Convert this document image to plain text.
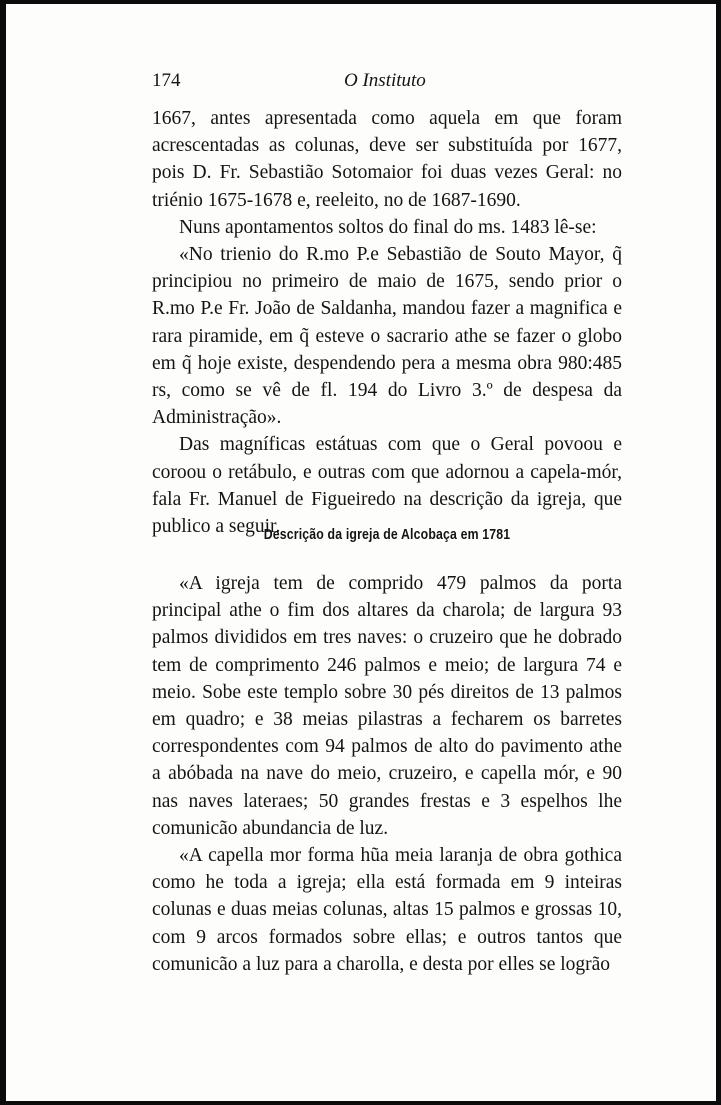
174	O Instituto

1667, antes apresentada como aquela em que foram acrescentadas as colunas, deve ser substituída por 1677, pois D. Fr. Sebastião Sotomaior foi duas vezes Geral: no triénio 1675-1678 e, reeleito, no de 1687-1690.

Nuns apontamentos soltos do final do ms. 1483 lê-se:

«No trienio do R.mo P.e Sebastião de Souto Mayor, q̃ principiou no primeiro de maio de 1675, sendo prior o R.mo P.e Fr. João de Saldanha, mandou fazer a magnifica e rara piramide, em q̃ esteve o sacrario athe se fazer o globo em q̃ hoje existe, despendendo pera a mesma obra 980:485 rs, como se vê de fl. 194 do Livro 3.º de despesa da Administração».

Das magníficas estátuas com que o Geral povoou e coroou o retábulo, e outras com que adornou a capela-mór, fala Fr. Manuel de Figueiredo na descrição da igreja, que publico a seguir.

Descrição da igreja de Alcobaça em 1781

«A igreja tem de comprido 479 palmos da porta principal athe o fim dos altares da charola; de largura 93 palmos divididos em tres naves: o cruzeiro que he dobrado tem de comprimento 246 palmos e meio; de largura 74 e meio. Sobe este templo sobre 30 pés direitos de 13 palmos em quadro; e 38 meias pilastras a fecharem os barretes correspondentes com 94 palmos de alto do pavimento athe a abóbada na nave do meio, cruzeiro, e capella mór, e 90 nas naves lateraes; 50 grandes frestas e 3 espelhos lhe comunicão abundancia de luz.

«A capella mor forma hũa meia laranja de obra gothica como he toda a igreja; ella está formada em 9 inteiras colunas e duas meias colunas, altas 15 palmos e grossas 10, com 9 arcos formados sobre ellas; e outros tantos que comunicão a luz para a charolla, e desta por elles se logrão
